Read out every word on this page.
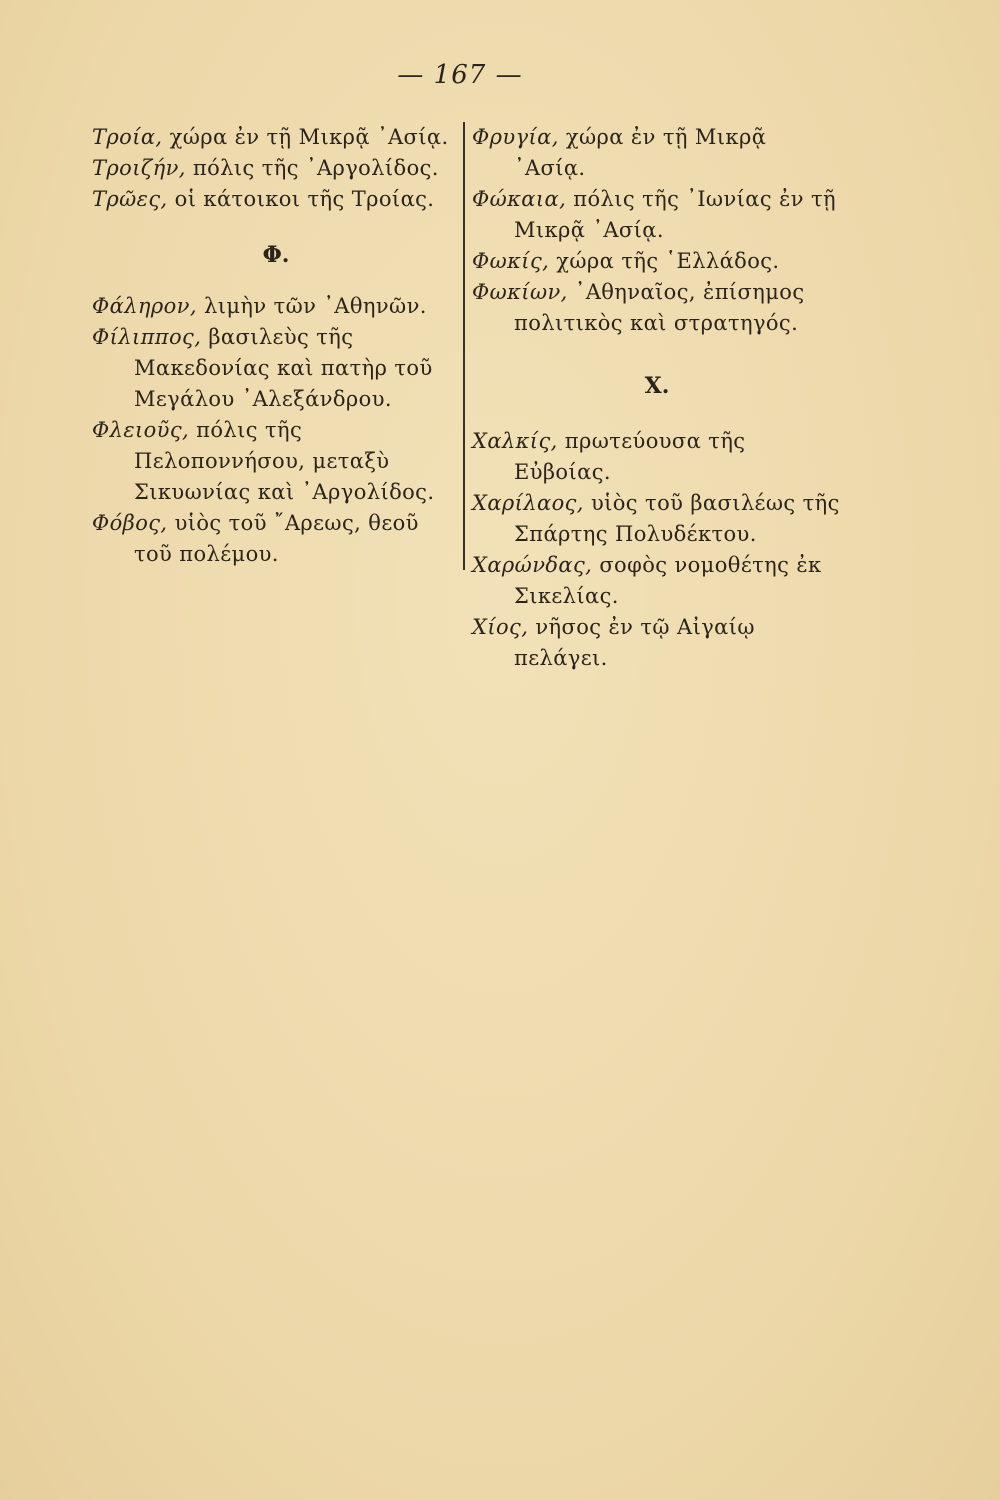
— 167 —

Τροία, χώρα ἐν τῇ Μικρᾷ ᾿Ασίᾳ.

Τροιζήν, πόλις τῆς ᾿Αργολίδος.

Τρῶες, οἱ κάτοικοι τῆς Τροίας.

Φ.

Φάληρον, λιμὴν τῶν ᾿Αθηνῶν.

Φίλιππος, βασιλεὺς τῆς Μακεδονίας καὶ πατὴρ τοῦ Μεγάλου ᾿Αλεξάνδρου.

Φλειοῦς, πόλις τῆς Πελοποννήσου, μεταξὺ Σικυωνίας καὶ ᾿Αργολίδος.

Φόβος, υἱὸς τοῦ ῎Αρεως, θεοῦ τοῦ πολέμου.

Φρυγία, χώρα ἐν τῇ Μικρᾷ ᾿Ασίᾳ.

Φώκαια, πόλις τῆς ᾿Ιωνίας ἐν τῇ Μικρᾷ ᾿Ασίᾳ.

Φωκίς, χώρα τῆς ῾Ελλάδος.

Φωκίων, ᾿Αθηναῖος, ἐπίσημος πολιτικὸς καὶ στρατηγός.

Χ.

Χαλκίς, πρωτεύουσα τῆς Εὐβοίας.

Χαρίλαος, υἱὸς τοῦ βασιλέως τῆς Σπάρτης Πολυδέκτου.

Χαρώνδας, σοφὸς νομοθέτης ἐκ Σικελίας.

Χίος, νῆσος ἐν τῷ Αἰγαίῳ πελάγει.
